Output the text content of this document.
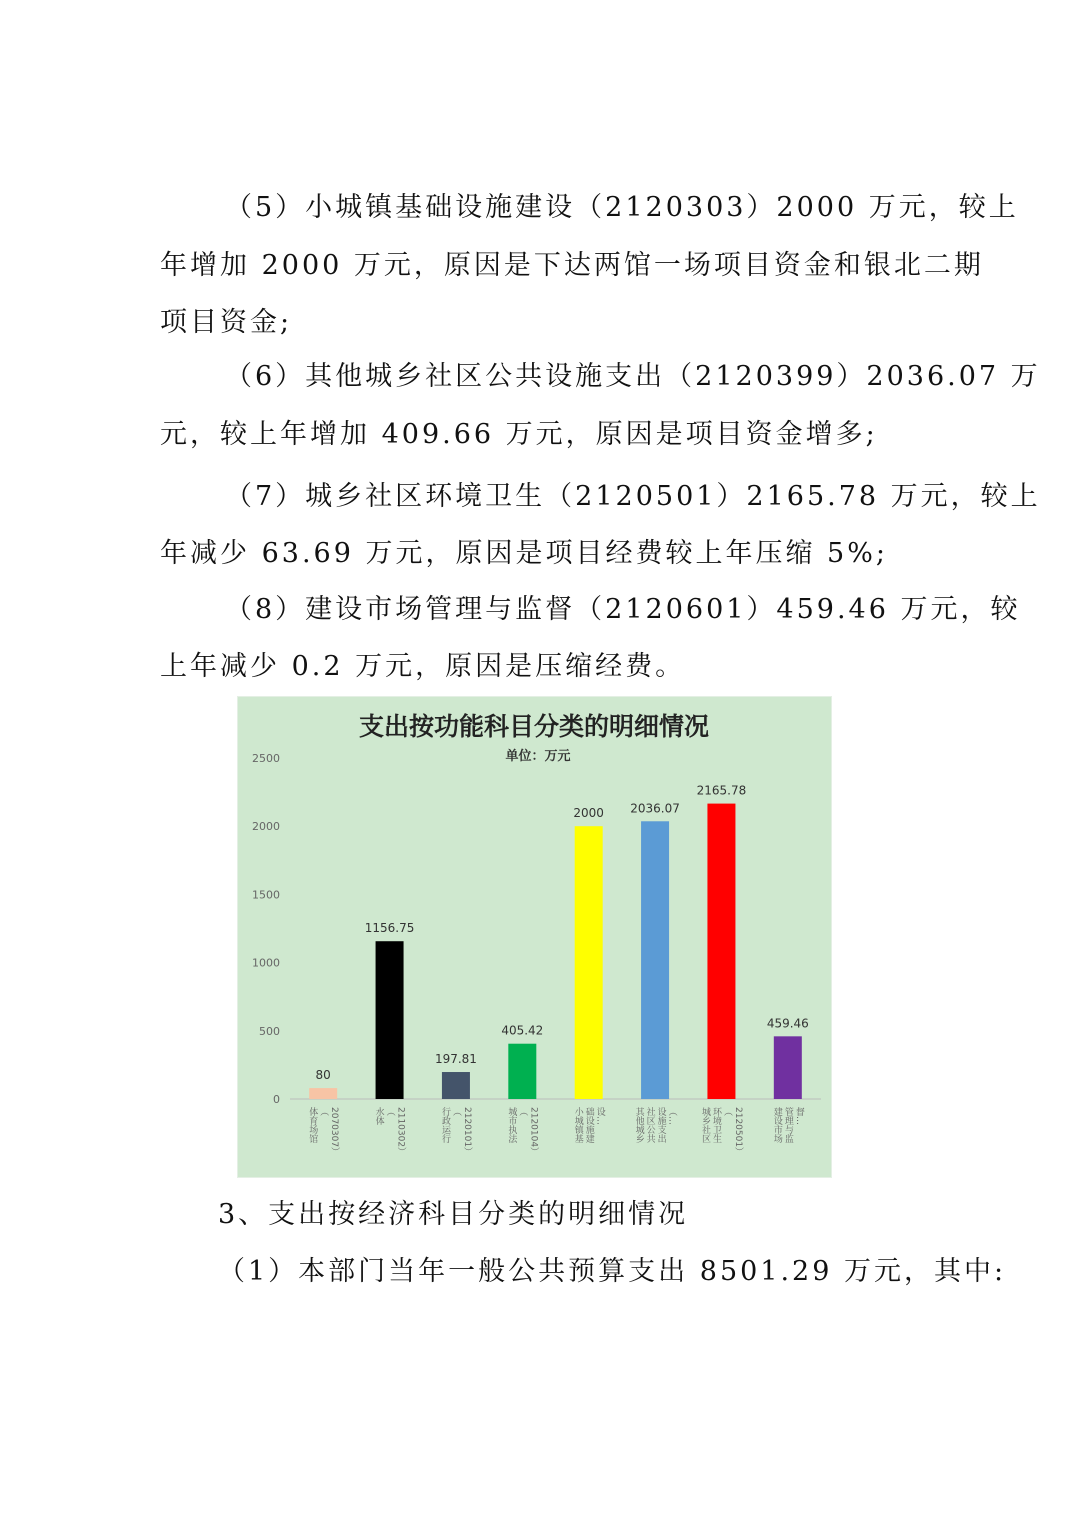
（5）小城镇基础设施建设（2120303）2000 万元，较上
年增加 2000 万元，原因是下达两馆一场项目资金和银北二期
项目资金;
（6）其他城乡社区公共设施支出（2120399）2036.07 万
元，较上年增加 409.66 万元，原因是项目资金增多;
（7）城乡社区环境卫生（2120501）2165.78 万元，较上
年减少 63.69 万元，原因是项目经费较上年压缩 5%;
（8）建设市场管理与监督（2120601）459.46 万元，较
上年减少 0.2 万元，原因是压缩经费。
支出按功能科目分类的明细情况
单位：万元
0
500
1000
1500
2000
2500
80
1156.75
197.81
405.42
2000 2036.07
2165.78
459.46
体育场馆 （ 2070307）	水体 （ 2110302）	行政运行 （ 2120101）	城市执法 （ 2120104）	小城镇基 础设施建 设…	其他城乡 社区公共 设施支出 （…	城乡社区 环境卫生 （ 2120501）	建设市场 管理与监 督…
3、支出按经济科目分类的明细情况
（1）本部门当年一般公共预算支出 8501.29 万元，其中:
